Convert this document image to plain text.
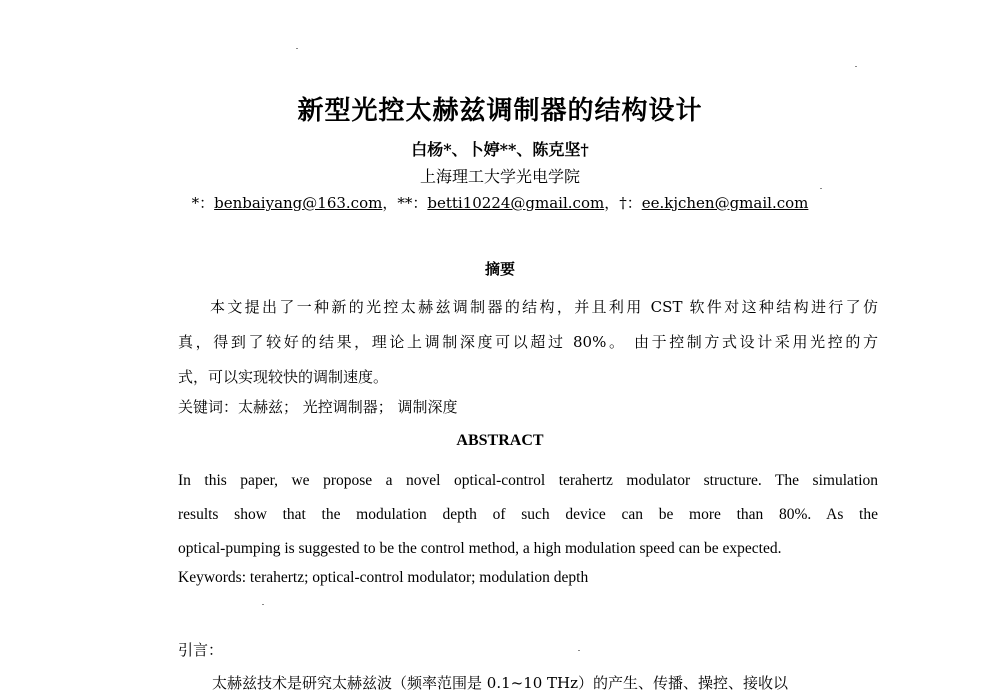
新型光控太赫兹调制器的结构设计
白杨*、卜婷**、陈克坚†
上海理工大学光电学院
*：benbaiyang@163.com，**：betti10224@gmail.com，†：ee.kjchen@gmail.com
摘要
本文提出了一种新的光控太赫兹调制器的结构，并且利用 CST 软件对这种结构进行了仿
真，得到了较好的结果，理论上调制深度可以超过 80%。 由于控制方式设计采用光控的方
式，可以实现较快的调制速度。
关键词：太赫兹； 光控调制器； 调制深度
ABSTRACT
In this paper, we propose a novel optical-control terahertz modulator structure. The simulation
results show that the modulation depth of such device can be more than 80%. As the
optical-pumping is suggested to be the control method, a high modulation speed can be expected.
Keywords: terahertz; optical-control modulator; modulation depth
引言：
太赫兹技术是研究太赫兹波（频率范围是 0.1~10 THz）的产生、传播、操控、接收以
